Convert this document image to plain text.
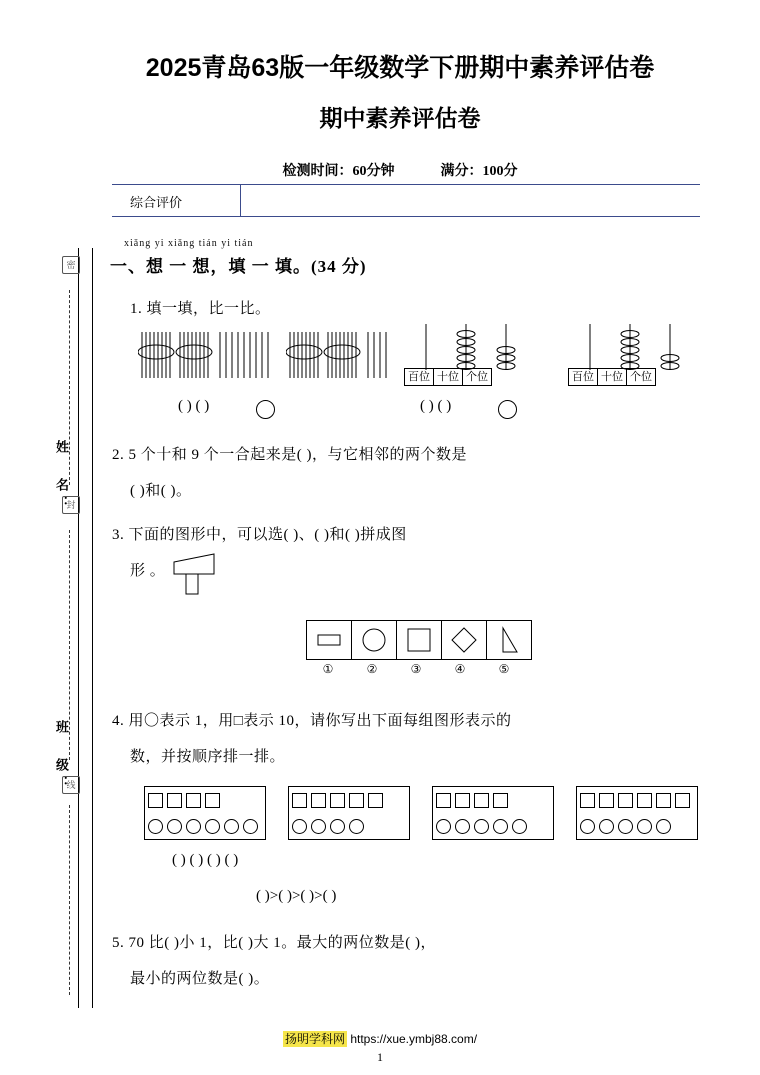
姓 名：
班 级：
密
封
线
2025青岛63版一年级数学下册期中素养评估卷
期中素养评估卷
检测时间：60分钟	满分：100分
综合评价
xiǎng yi xiǎng tián yi tián
一、想 一 想，填 一 填。(34 分)
1. 填一填，比一比。
百位 十位 个位	百位 十位 个位
( ) ( )	( ) ( )
2. 5 个十和 9 个一合起来是( )，与它相邻的两个数是
( )和( )。
3. 下面的图形中，可以选( )、( )和( )拼成图
形 。
①	②	③	④	⑤
4. 用〇表示 1，用□表示 10，请你写出下面每组图形表示的
数，并按顺序排一排。
( ) ( ) ( ) ( )
( )>( )>( )>( )
5. 70 比( )小 1，比( )大 1。最大的两位数是( )，
最小的两位数是( )。
扬明学科网 https://xue.ymbj88.com/
1
